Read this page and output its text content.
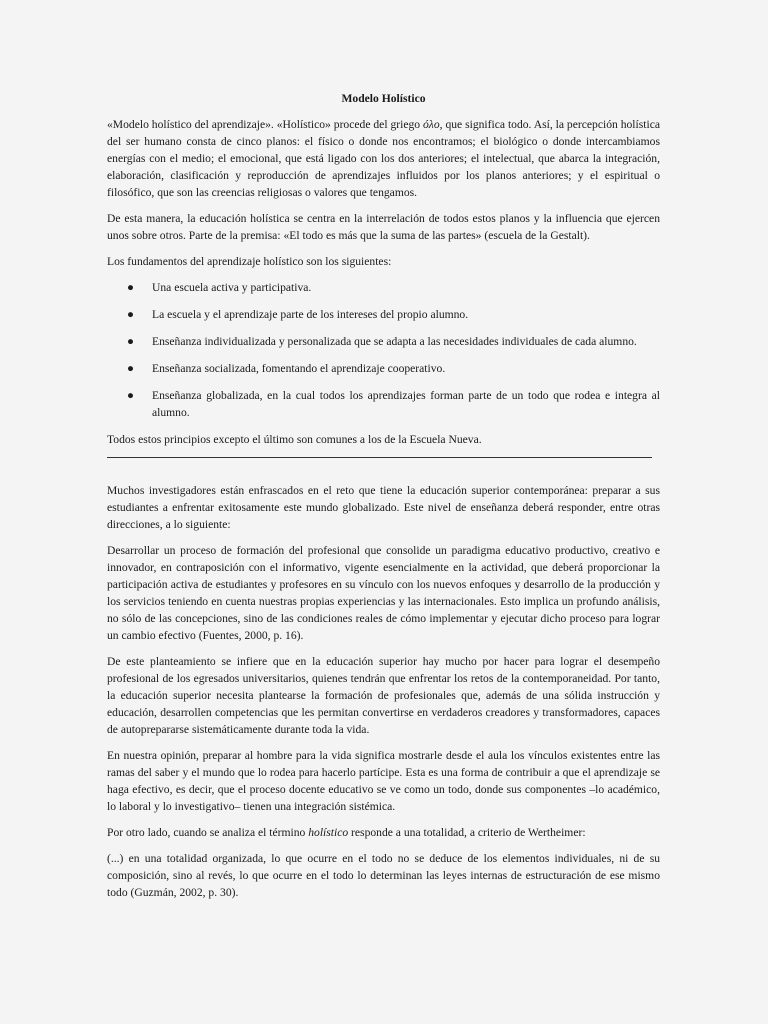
Modelo Holístico

«Modelo holístico del aprendizaje». «Holístico» procede del griego όλο, que significa todo. Así, la percepción holística del ser humano consta de cinco planos: el físico o donde nos encontramos; el biológico o donde intercambiamos energías con el medio; el emocional, que está ligado con los dos anteriores; el intelectual, que abarca la integración, elaboración, clasificación y reproducción de aprendizajes influidos por los planos anteriores; y el espiritual o filosófico, que son las creencias religiosas o valores que tengamos.

De esta manera, la educación holística se centra en la interrelación de todos estos planos y la influencia que ejercen unos sobre otros. Parte de la premisa: «El todo es más que la suma de las partes» (escuela de la Gestalt).

Los fundamentos del aprendizaje holístico son los siguientes:

● Una escuela activa y participativa.
● La escuela y el aprendizaje parte de los intereses del propio alumno.
● Enseñanza individualizada y personalizada que se adapta a las necesidades individuales de cada alumno.
● Enseñanza socializada, fomentando el aprendizaje cooperativo.
● Enseñanza globalizada, en la cual todos los aprendizajes forman parte de un todo que rodea e integra al alumno.

Todos estos principios excepto el último son comunes a los de la Escuela Nueva.

Muchos investigadores están enfrascados en el reto que tiene la educación superior contemporánea: preparar a sus estudiantes a enfrentar exitosamente este mundo globalizado. Este nivel de enseñanza deberá responder, entre otras direcciones, a lo siguiente:

Desarrollar un proceso de formación del profesional que consolide un paradigma educativo productivo, creativo e innovador, en contraposición con el informativo, vigente esencialmente en la actividad, que deberá proporcionar la participación activa de estudiantes y profesores en su vínculo con los nuevos enfoques y desarrollo de la producción y los servicios teniendo en cuenta nuestras propias experiencias y las internacionales. Esto implica un profundo análisis, no sólo de las concepciones, sino de las condiciones reales de cómo implementar y ejecutar dicho proceso para lograr un cambio efectivo (Fuentes, 2000, p. 16).

De este planteamiento se infiere que en la educación superior hay mucho por hacer para lograr el desempeño profesional de los egresados universitarios, quienes tendrán que enfrentar los retos de la contemporaneidad. Por tanto, la educación superior necesita plantearse la formación de profesionales que, además de una sólida instrucción y educación, desarrollen competencias que les permitan convertirse en verdaderos creadores y transformadores, capaces de autoprepararse sistemáticamente durante toda la vida.

En nuestra opinión, preparar al hombre para la vida significa mostrarle desde el aula los vínculos existentes entre las ramas del saber y el mundo que lo rodea para hacerlo partícipe. Esta es una forma de contribuir a que el aprendizaje se haga efectivo, es decir, que el proceso docente educativo se ve como un todo, donde sus componentes –lo académico, lo laboral y lo investigativo– tienen una integración sistémica.

Por otro lado, cuando se analiza el término holístico responde a una totalidad, a criterio de Wertheimer:

(...) en una totalidad organizada, lo que ocurre en el todo no se deduce de los elementos individuales, ni de su composición, sino al revés, lo que ocurre en el todo lo determinan las leyes internas de estructuración de ese mismo todo (Guzmán, 2002, p. 30).
